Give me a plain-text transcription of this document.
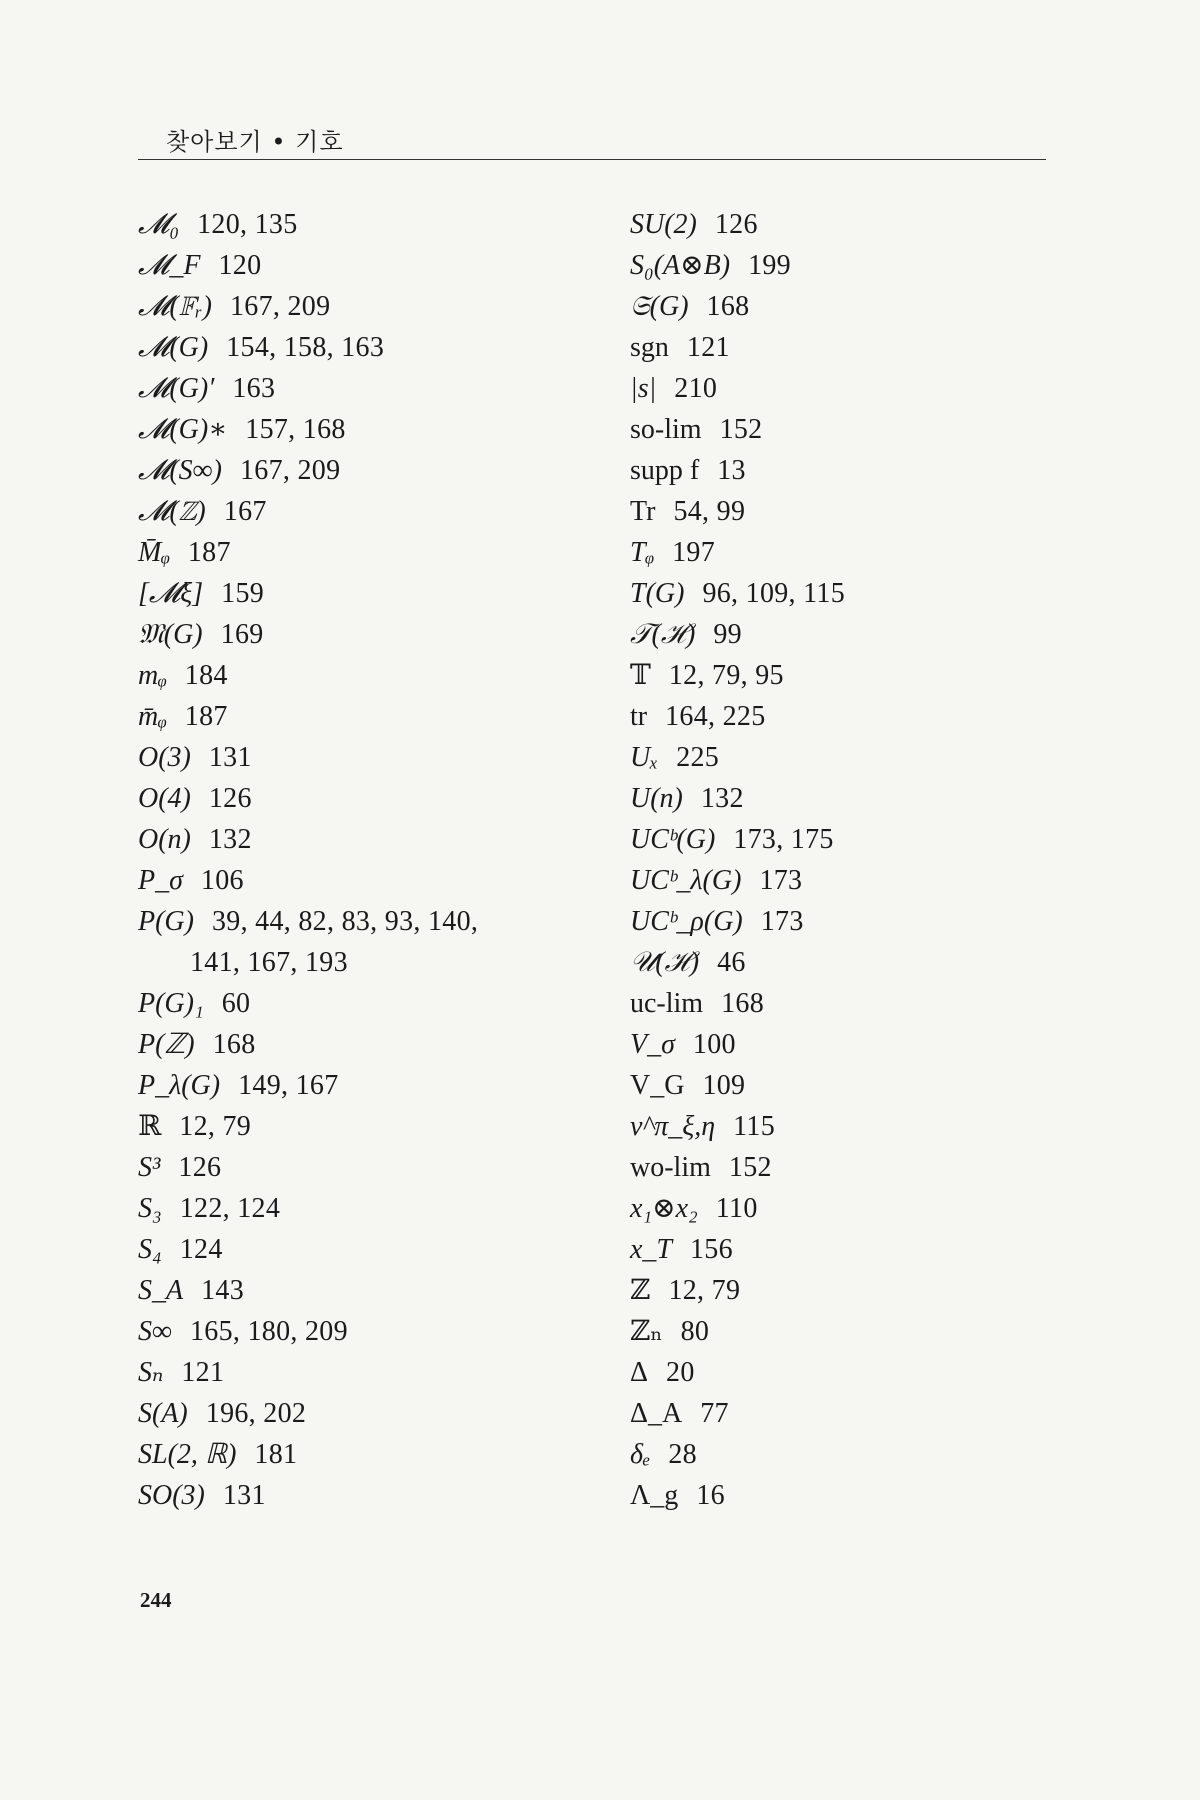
찾아보기 • 기호
𝓜₀ 120, 135
𝓜_F 120
𝓜(𝔽ᵣ) 167, 209
𝓜(G) 154, 158, 163
𝓜(G)′ 163
𝓜(G)∗ 157, 168
𝓜(S∞) 167, 209
𝓜(ℤ) 167
M̄ᵩ 187
[𝓜ξ] 159
𝔐(G) 169
mᵩ 184
m̄ᵩ 187
O(3) 131
O(4) 126
O(n) 132
P_σ 106
P(G) 39, 44, 82, 83, 93, 140,
141, 167, 193
P(G)₁ 60
P(ℤ) 168
P_λ(G) 149, 167
ℝ 12, 79
S³ 126
S₃ 122, 124
S₄ 124
S_A 143
S∞ 165, 180, 209
Sₙ 121
S(A) 196, 202
SL(2, ℝ) 181
SO(3) 131
SU(2) 126
S₀(A⊗B) 199
𝔖(G) 168
sgn 121
|s| 210
so-lim 152
supp f 13
Tr 54, 99
Tᵩ 197
T(G) 96, 109, 115
𝒯(ℋ) 99
𝕋 12, 79, 95
tr 164, 225
Uₓ 225
U(n) 132
UCᵇ(G) 173, 175
UCᵇ_λ(G) 173
UCᵇ_ρ(G) 173
𝒰(ℋ) 46
uc-lim 168
V_σ 100
V_G 109
v^π_ξ,η 115
wo-lim 152
x₁⊗x₂ 110
x_T 156
ℤ 12, 79
ℤₙ 80
Δ 20
Δ_A 77
δₑ 28
Λ_g 16
244
